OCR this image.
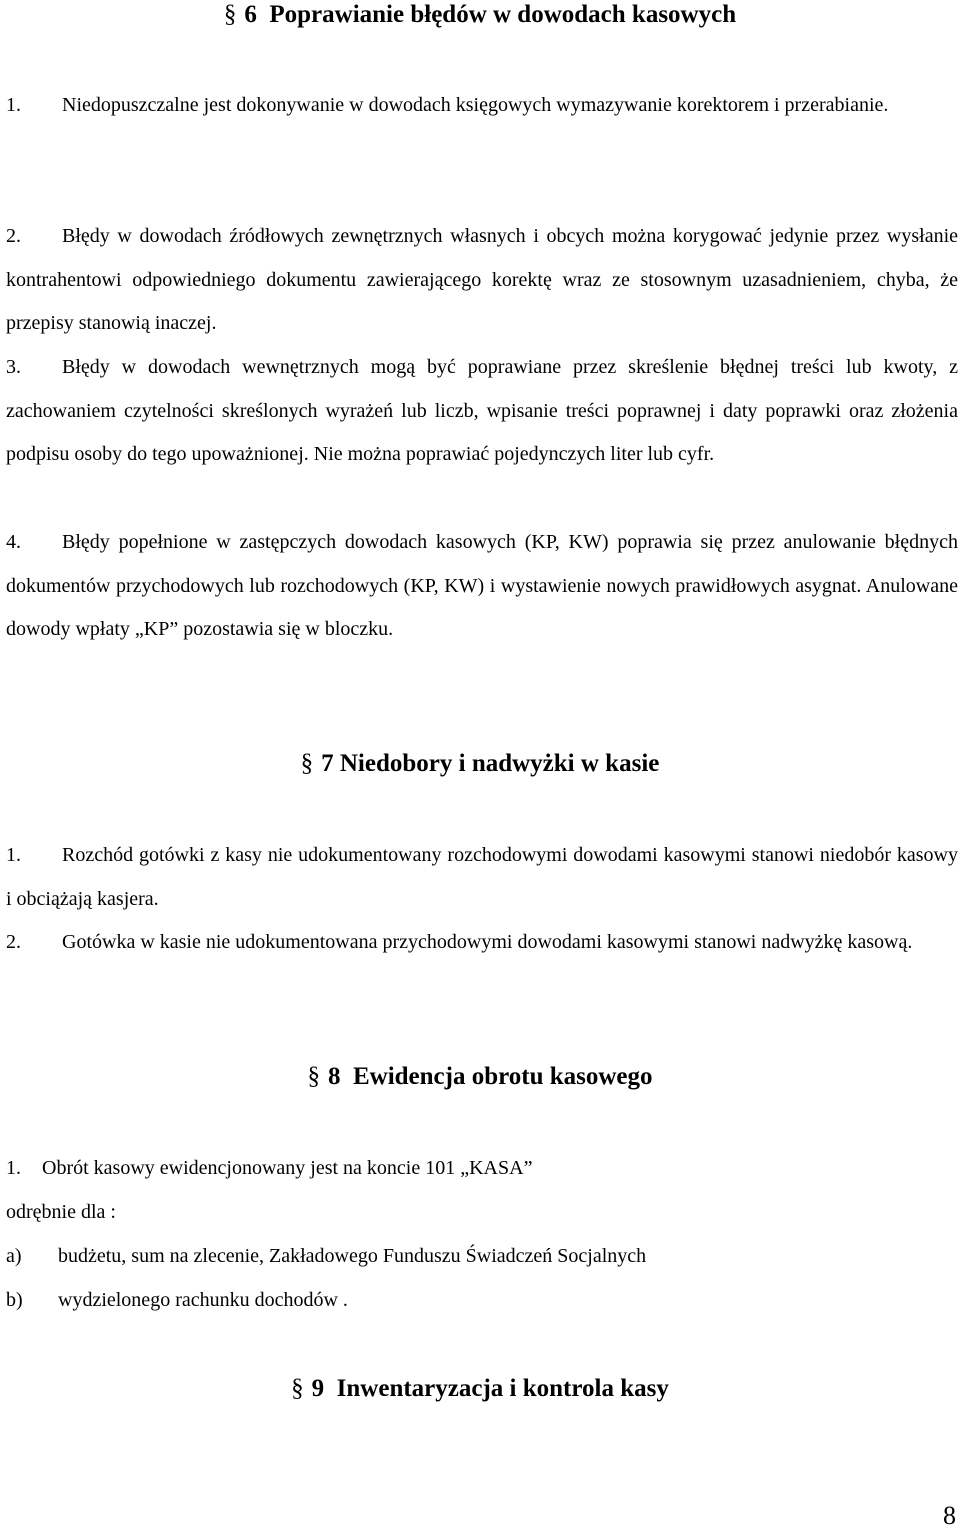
§ 6 Poprawianie błędów w dowodach kasowych
1. Niedopuszczalne jest dokonywanie w dowodach księgowych wymazywanie korektorem i przerabianie.
2. Błędy w dowodach źródłowych zewnętrznych własnych i obcych można korygować jedynie przez wysłanie kontrahentowi odpowiedniego dokumentu zawierającego korektę wraz ze stosownym uzasadnieniem, chyba, że przepisy stanowią inaczej.
3. Błędy w dowodach wewnętrznych mogą być poprawiane przez skreślenie błędnej treści lub kwoty, z zachowaniem czytelności skreślonych wyrażeń lub liczb, wpisanie treści poprawnej i daty poprawki oraz złożenia podpisu osoby do tego upoważnionej. Nie można poprawiać pojedynczych liter lub cyfr.
4. Błędy popełnione w zastępczych dowodach kasowych (KP, KW) poprawia się przez anulowanie błędnych dokumentów przychodowych lub rozchodowych (KP, KW) i wystawienie nowych prawidłowych asygnat. Anulowane dowody wpłaty „KP” pozostawia się w bloczku.
§ 7 Niedobory i nadwyżki w kasie
1. Rozchód gotówki z kasy nie udokumentowany rozchodowymi dowodami kasowymi stanowi niedobór kasowy i obciążają kasjera.
2. Gotówka w kasie nie udokumentowana przychodowymi dowodami kasowymi stanowi nadwyżkę kasową.
§ 8 Ewidencja obrotu kasowego
1. Obrót kasowy ewidencjonowany jest na koncie 101 „KASA”
odrębnie dla :
a) budżetu, sum na zlecenie, Zakładowego Funduszu Świadczeń Socjalnych
b) wydzielonego rachunku dochodów .
§ 9 Inwentaryzacja i kontrola kasy
8
